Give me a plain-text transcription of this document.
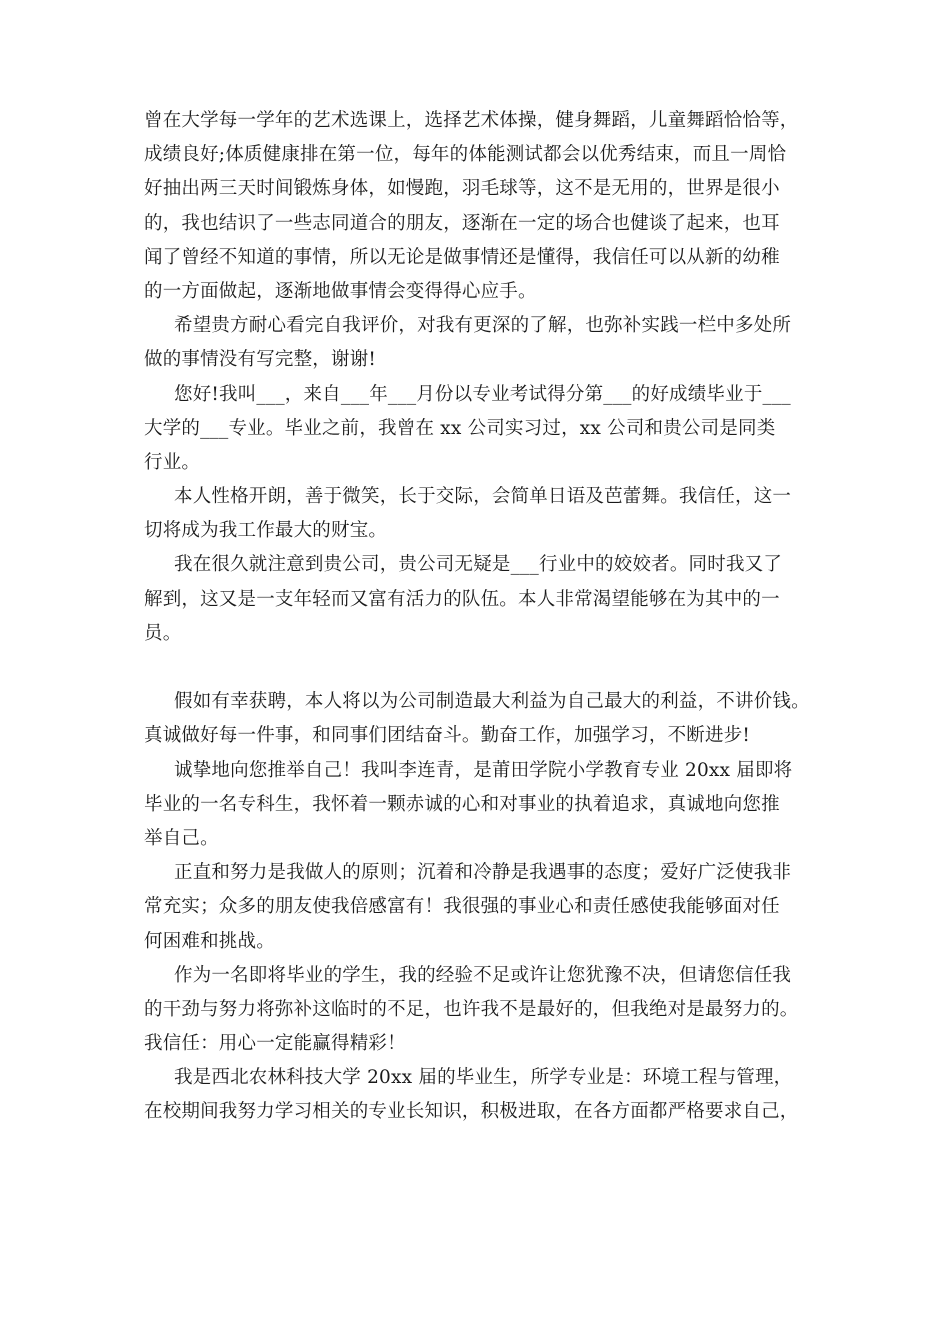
曾在大学每一学年的艺术选课上，选择艺术体操，健身舞蹈，儿童舞蹈恰恰等，
成绩良好;体质健康排在第一位，每年的体能测试都会以优秀结束，而且一周恰
好抽出两三天时间锻炼身体，如慢跑，羽毛球等，这不是无用的，世界是很小
的，我也结识了一些志同道合的朋友，逐渐在一定的场合也健谈了起来，也耳
闻了曾经不知道的事情，所以无论是做事情还是懂得，我信任可以从新的幼稚
的一方面做起，逐渐地做事情会变得得心应手。
希望贵方耐心看完自我评价，对我有更深的了解，也弥补实践一栏中多处所
做的事情没有写完整，谢谢!
您好!我叫___，来自___年___月份以专业考试得分第___的好成绩毕业于___
大学的___专业。毕业之前，我曾在 xx 公司实习过，xx 公司和贵公司是同类
行业。
本人性格开朗，善于微笑，长于交际，会简单日语及芭蕾舞。我信任，这一
切将成为我工作最大的财宝。
我在很久就注意到贵公司，贵公司无疑是___行业中的姣姣者。同时我又了
解到，这又是一支年轻而又富有活力的队伍。本人非常渴望能够在为其中的一
员。
假如有幸获聘，本人将以为公司制造最大利益为自己最大的利益，不讲价钱。
真诚做好每一件事，和同事们团结奋斗。勤奋工作，加强学习，不断进步!
诚挚地向您推举自己！我叫李连青，是莆田学院小学教育专业 20xx 届即将
毕业的一名专科生，我怀着一颗赤诚的心和对事业的执着追求，真诚地向您推
举自己。
正直和努力是我做人的原则；沉着和冷静是我遇事的态度；爱好广泛使我非
常充实；众多的朋友使我倍感富有！我很强的事业心和责任感使我能够面对任
何困难和挑战。
作为一名即将毕业的学生，我的经验不足或许让您犹豫不决，但请您信任我
的干劲与努力将弥补这临时的不足，也许我不是最好的，但我绝对是最努力的。
我信任：用心一定能赢得精彩！
我是西北农林科技大学 20xx 届的毕业生，所学专业是：环境工程与管理，
在校期间我努力学习相关的专业长知识，积极进取，在各方面都严格要求自己，
